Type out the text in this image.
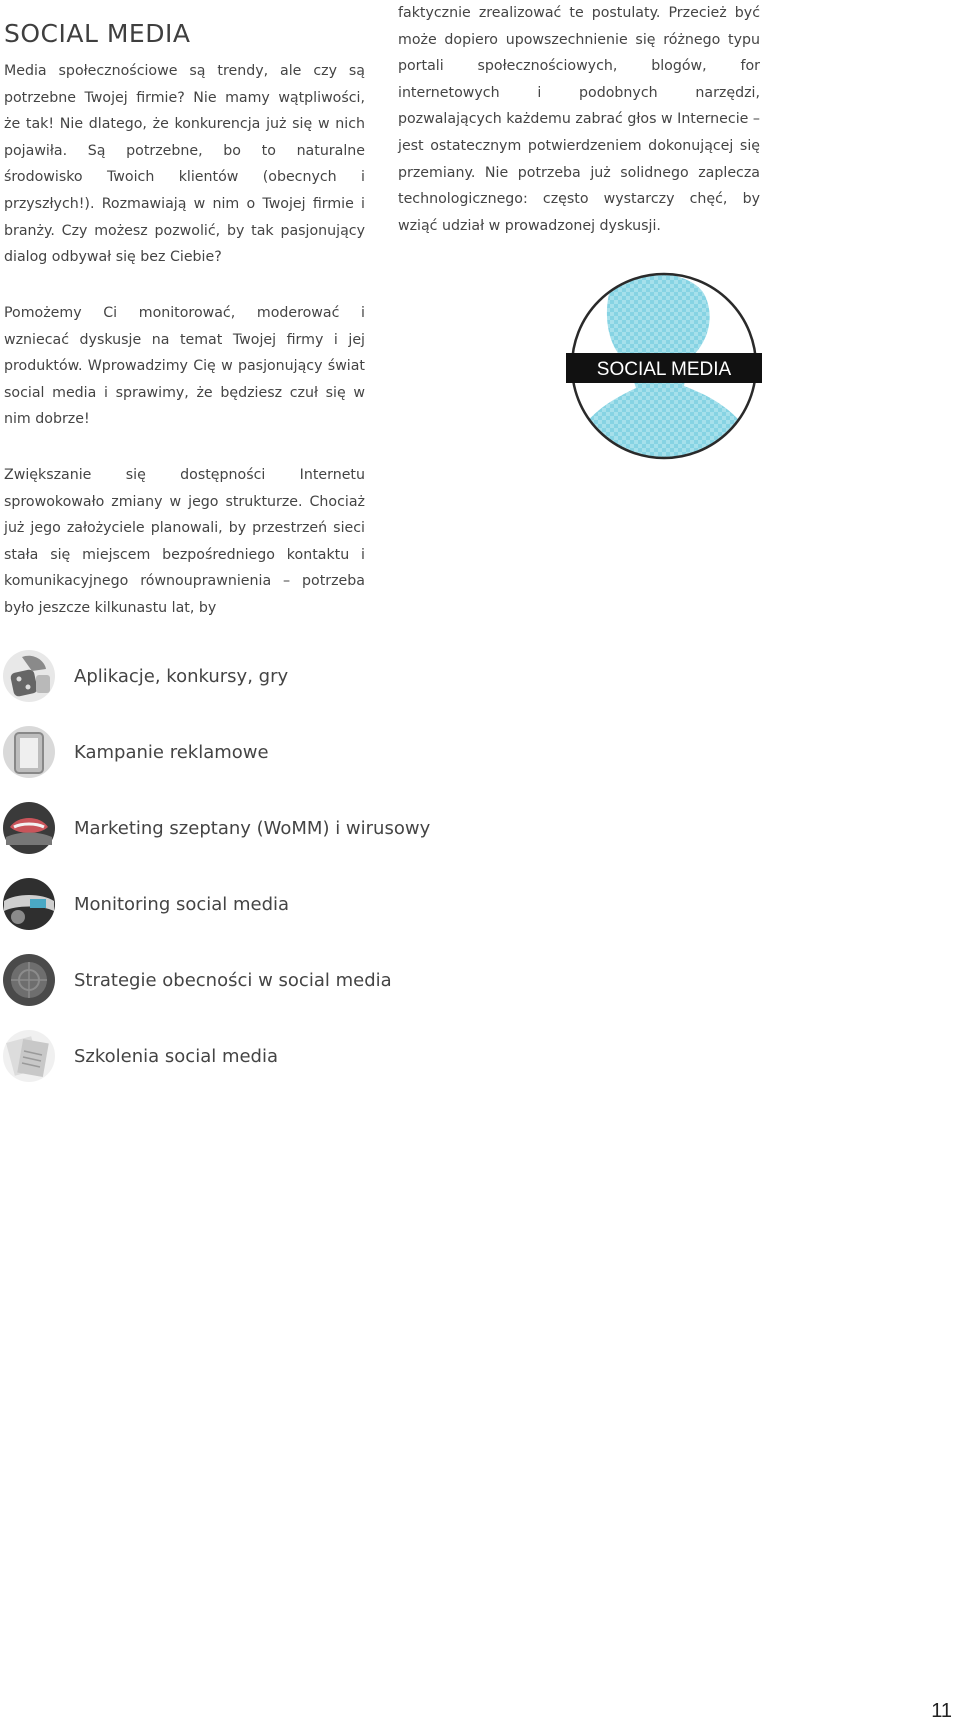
SOCIAL MEDIA

Media społecznościowe są trendy, ale czy są potrzebne Twojej firmie? Nie mamy wątpliwości, że tak! Nie dlatego, że konkurencja już się w nich pojawiła. Są potrzebne, bo to naturalne środowisko Twoich klientów (obecnych i przyszłych!). Rozmawiają w nim o Twojej firmie i branży. Czy możesz pozwolić, by tak pasjonujący dialog odbywał się bez Ciebie?

Pomożemy Ci monitorować, moderować i wzniecać dyskusje na temat Twojej firmy i jej produktów. Wprowadzimy Cię w pasjonujący świat social media i sprawimy, że będziesz czuł się w nim dobrze!

Zwiększanie się dostępności Internetu sprowokowało zmiany w jego strukturze. Chociaż już jego założyciele planowali, by przestrzeń sieci stała się miejscem bezpośredniego kontaktu i komunikacyjnego równouprawnienia – potrzeba było jeszcze kilkunastu lat, by

faktycznie zrealizować te postulaty. Przecież być może dopiero upowszechnienie się różnego typu portali społecznościowych, blogów, for internetowych i podobnych narzędzi, pozwalających każdemu zabrać głos w Internecie – jest ostatecznym potwierdzeniem dokonującej się przemiany. Nie potrzeba już solidnego zaplecza technologicznego: często wystarczy chęć, by wziąć udział w prowadzonej dyskusji.

SOCIAL MEDIA
Aplikacje, konkursy, gry
Kampanie reklamowe
Marketing szeptany (WoMM) i wirusowy
Monitoring social media
Strategie obecności w social media
Szkolenia social media
11
